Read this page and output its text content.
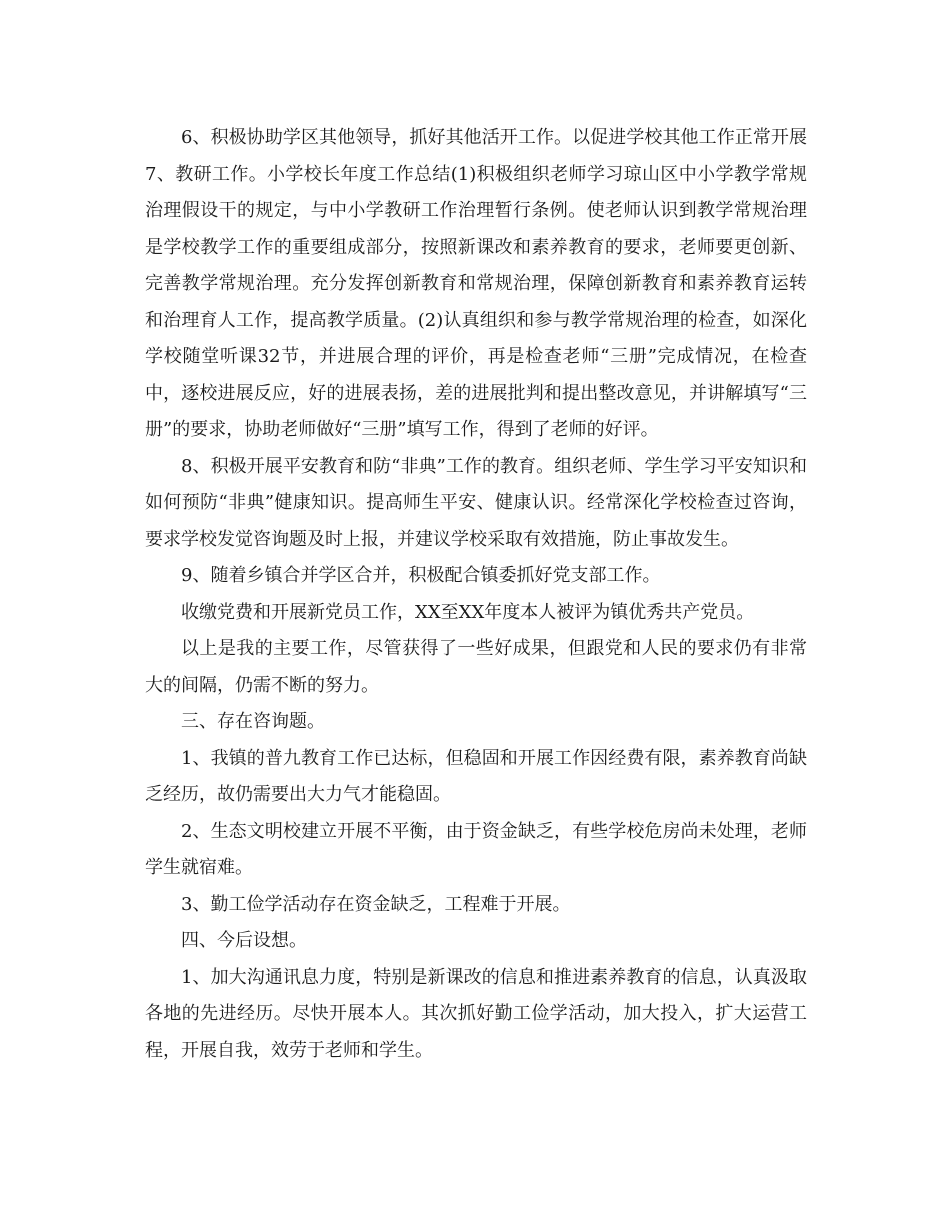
6、积极协助学区其他领导，抓好其他活开工作。以促进学校其他工作正常开展7、教研工作。小学校长年度工作总结(1)积极组织老师学习琼山区中小学教学常规治理假设干的规定，与中小学教研工作治理暂行条例。使老师认识到教学常规治理是学校教学工作的重要组成部分，按照新课改和素养教育的要求，老师要更创新、完善教学常规治理。充分发挥创新教育和常规治理，保障创新教育和素养教育运转和治理育人工作，提高教学质量。(2)认真组织和参与教学常规治理的检查，如深化学校随堂听课32节，并进展合理的评价，再是检查老师“三册”完成情况，在检查中，逐校进展反应，好的进展表扬，差的进展批判和提出整改意见，并讲解填写“三册”的要求，协助老师做好“三册”填写工作，得到了老师的好评。

8、积极开展平安教育和防“非典”工作的教育。组织老师、学生学习平安知识和如何预防“非典”健康知识。提高师生平安、健康认识。经常深化学校检查过咨询，要求学校发觉咨询题及时上报，并建议学校采取有效措施，防止事故发生。

9、随着乡镇合并学区合并，积极配合镇委抓好党支部工作。

收缴党费和开展新党员工作，XX至XX年度本人被评为镇优秀共产党员。

以上是我的主要工作，尽管获得了一些好成果，但跟党和人民的要求仍有非常大的间隔，仍需不断的努力。

三、存在咨询题。

1、我镇的普九教育工作已达标，但稳固和开展工作因经费有限，素养教育尚缺乏经历，故仍需要出大力气才能稳固。

2、生态文明校建立开展不平衡，由于资金缺乏，有些学校危房尚未处理，老师学生就宿难。

3、勤工俭学活动存在资金缺乏，工程难于开展。

四、今后设想。

1、加大沟通讯息力度，特别是新课改的信息和推进素养教育的信息，认真汲取各地的先进经历。尽快开展本人。其次抓好勤工俭学活动，加大投入，扩大运营工程，开展自我，效劳于老师和学生。
